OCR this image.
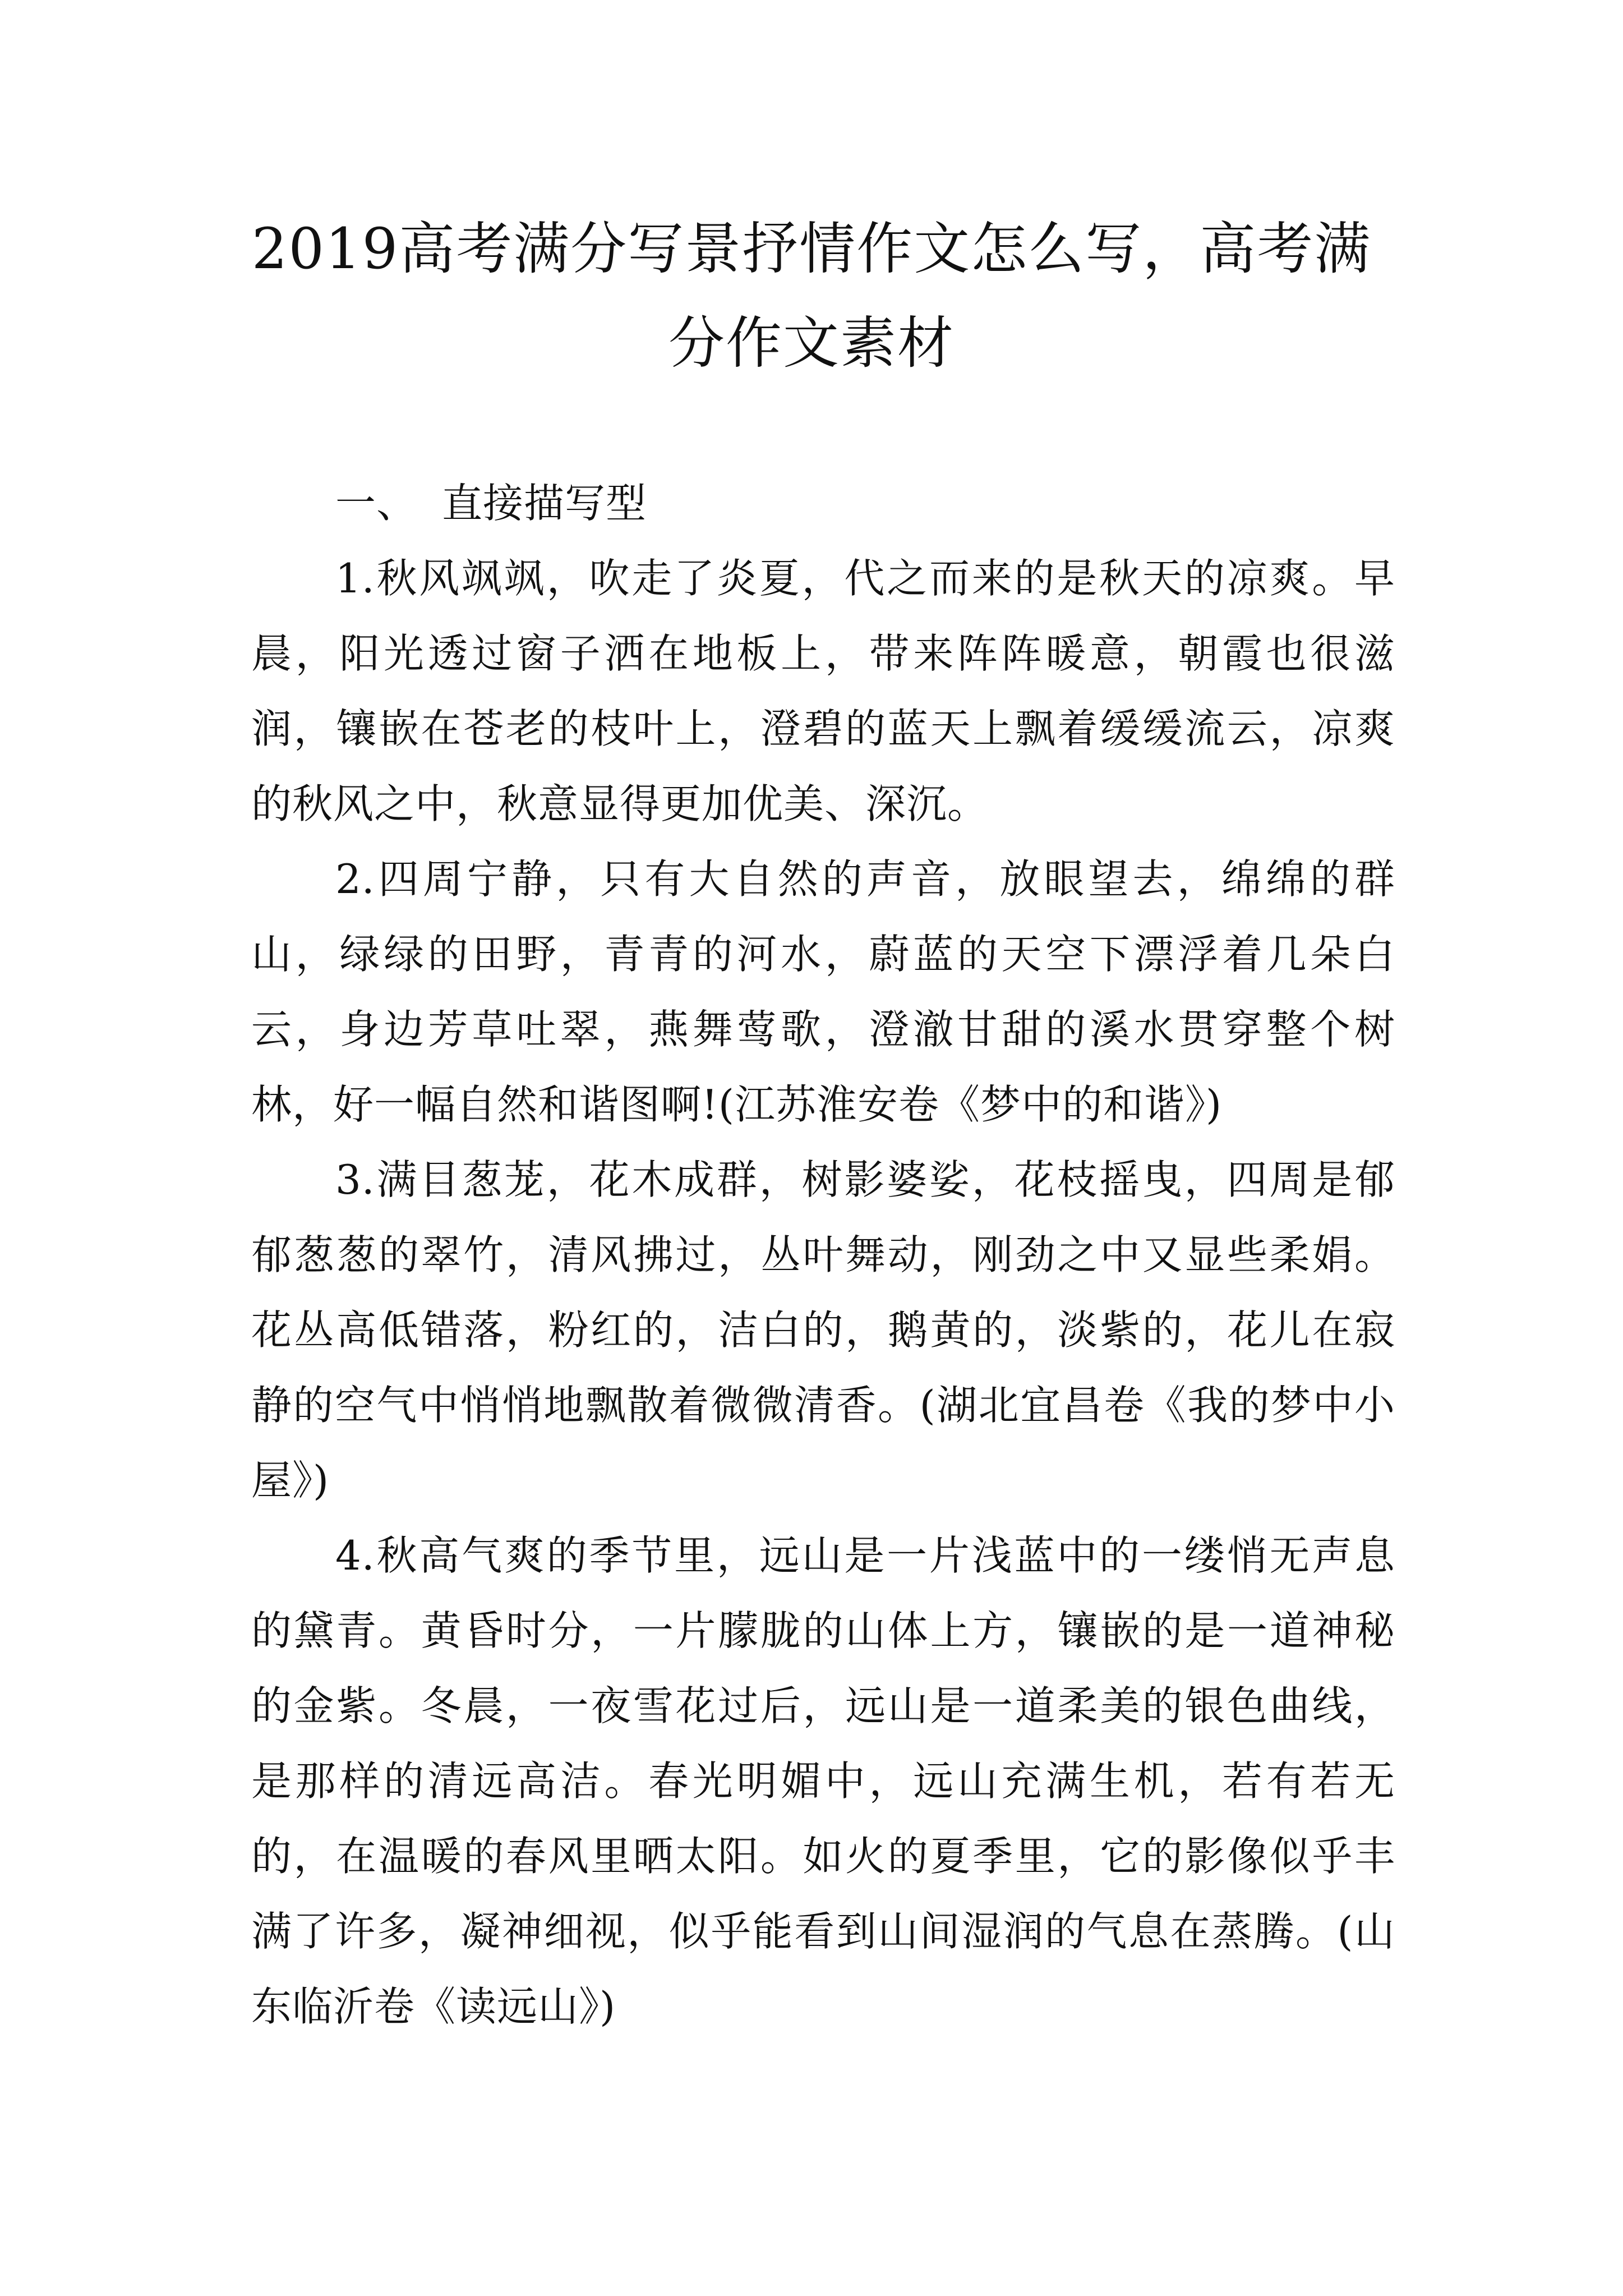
2019高考满分写景抒情作文怎么写，高考满
分作文素材

一、 直接描写型

1.秋风飒飒，吹走了炎夏，代之而来的是秋天的凉爽。早晨，阳光透过窗子洒在地板上，带来阵阵暖意，朝霞也很滋润，镶嵌在苍老的枝叶上，澄碧的蓝天上飘着缓缓流云，凉爽的秋风之中，秋意显得更加优美、深沉。

2.四周宁静，只有大自然的声音，放眼望去，绵绵的群山，绿绿的田野，青青的河水，蔚蓝的天空下漂浮着几朵白云，身边芳草吐翠，燕舞莺歌，澄澈甘甜的溪水贯穿整个树林，好一幅自然和谐图啊!(江苏淮安卷《梦中的和谐》)

3.满目葱茏，花木成群，树影婆娑，花枝摇曳，四周是郁郁葱葱的翠竹，清风拂过，丛叶舞动，刚劲之中又显些柔娟。花丛高低错落，粉红的，洁白的，鹅黄的，淡紫的，花儿在寂静的空气中悄悄地飘散着微微清香。(湖北宜昌卷《我的梦中小屋》)

4.秋高气爽的季节里，远山是一片浅蓝中的一缕悄无声息的黛青。黄昏时分，一片朦胧的山体上方，镶嵌的是一道神秘的金紫。冬晨，一夜雪花过后，远山是一道柔美的银色曲线，是那样的清远高洁。春光明媚中，远山充满生机，若有若无的，在温暖的春风里晒太阳。如火的夏季里，它的影像似乎丰满了许多，凝神细视，似乎能看到山间湿润的气息在蒸腾。(山东临沂卷《读远山》)
